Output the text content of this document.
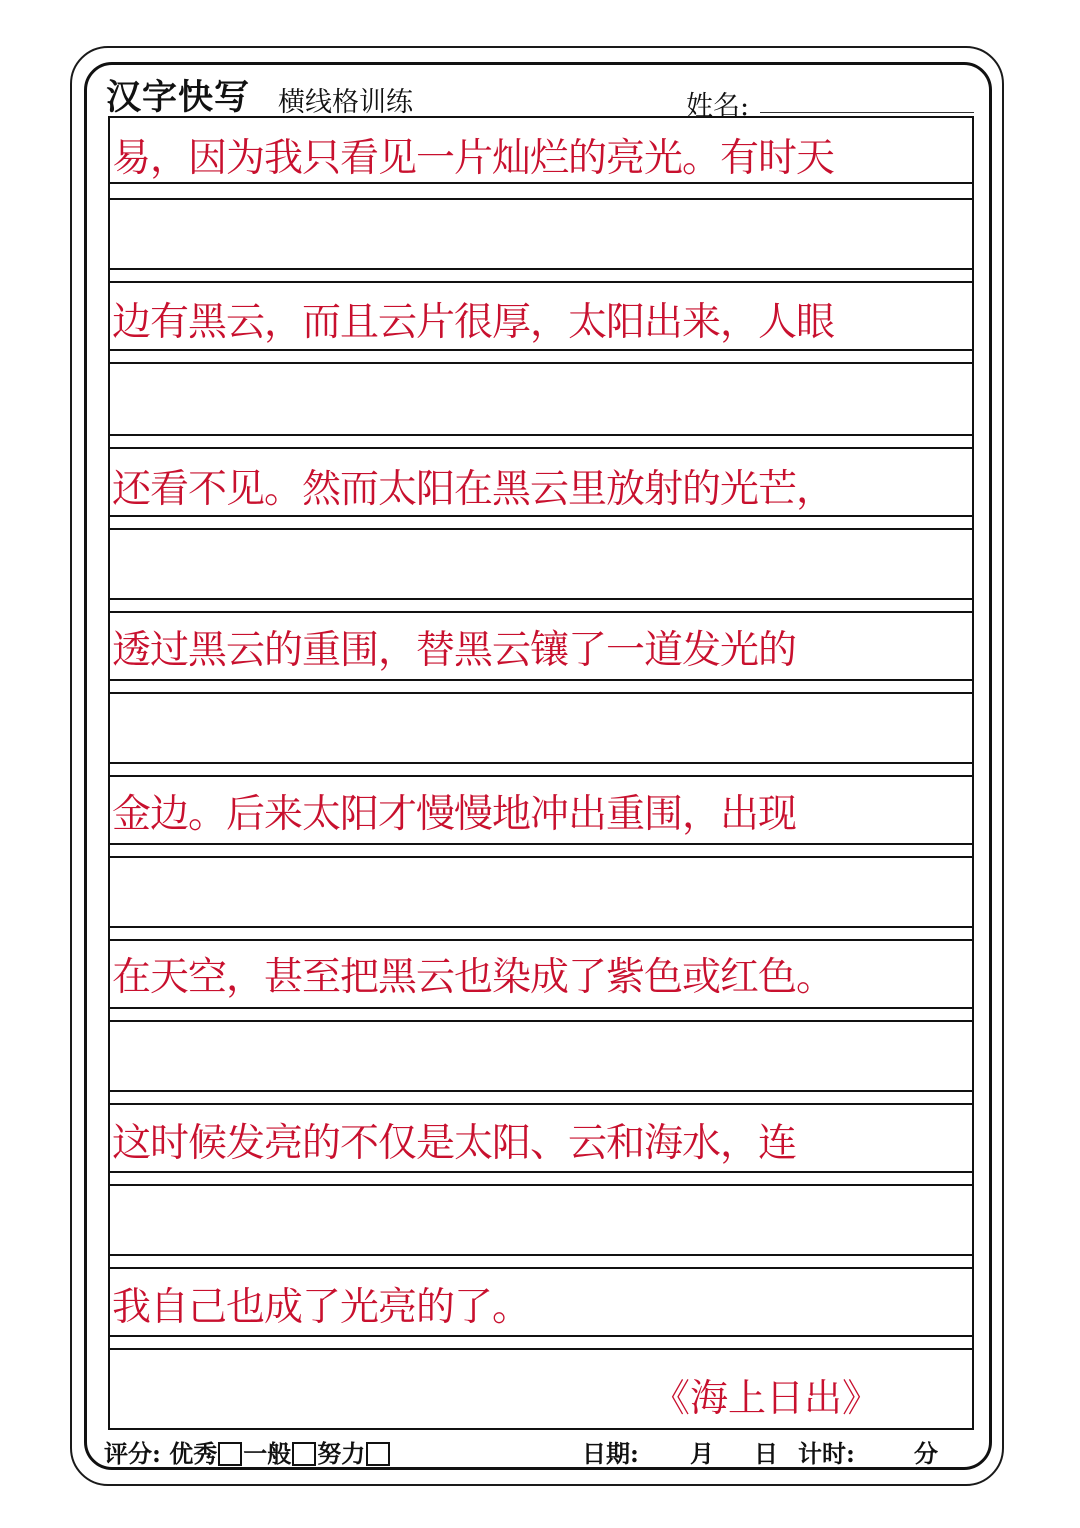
汉字快写 横线格训练	姓名:
易，因为我只看见一片灿烂的亮光。有时天
边有黑云，而且云片很厚，太阳出来，人眼
还看不见。然而太阳在黑云里放射的光芒，
透过黑云的重围，替黑云镶了一道发光的
金边。后来太阳才慢慢地冲出重围，出现
在天空，甚至把黑云也染成了紫色或红色。
这时候发亮的不仅是太阳、云和海水，连
我自己也成了光亮的了。
《海上日出》
评分: 优秀 一般 努力	日期: 月 日 计时: 分
